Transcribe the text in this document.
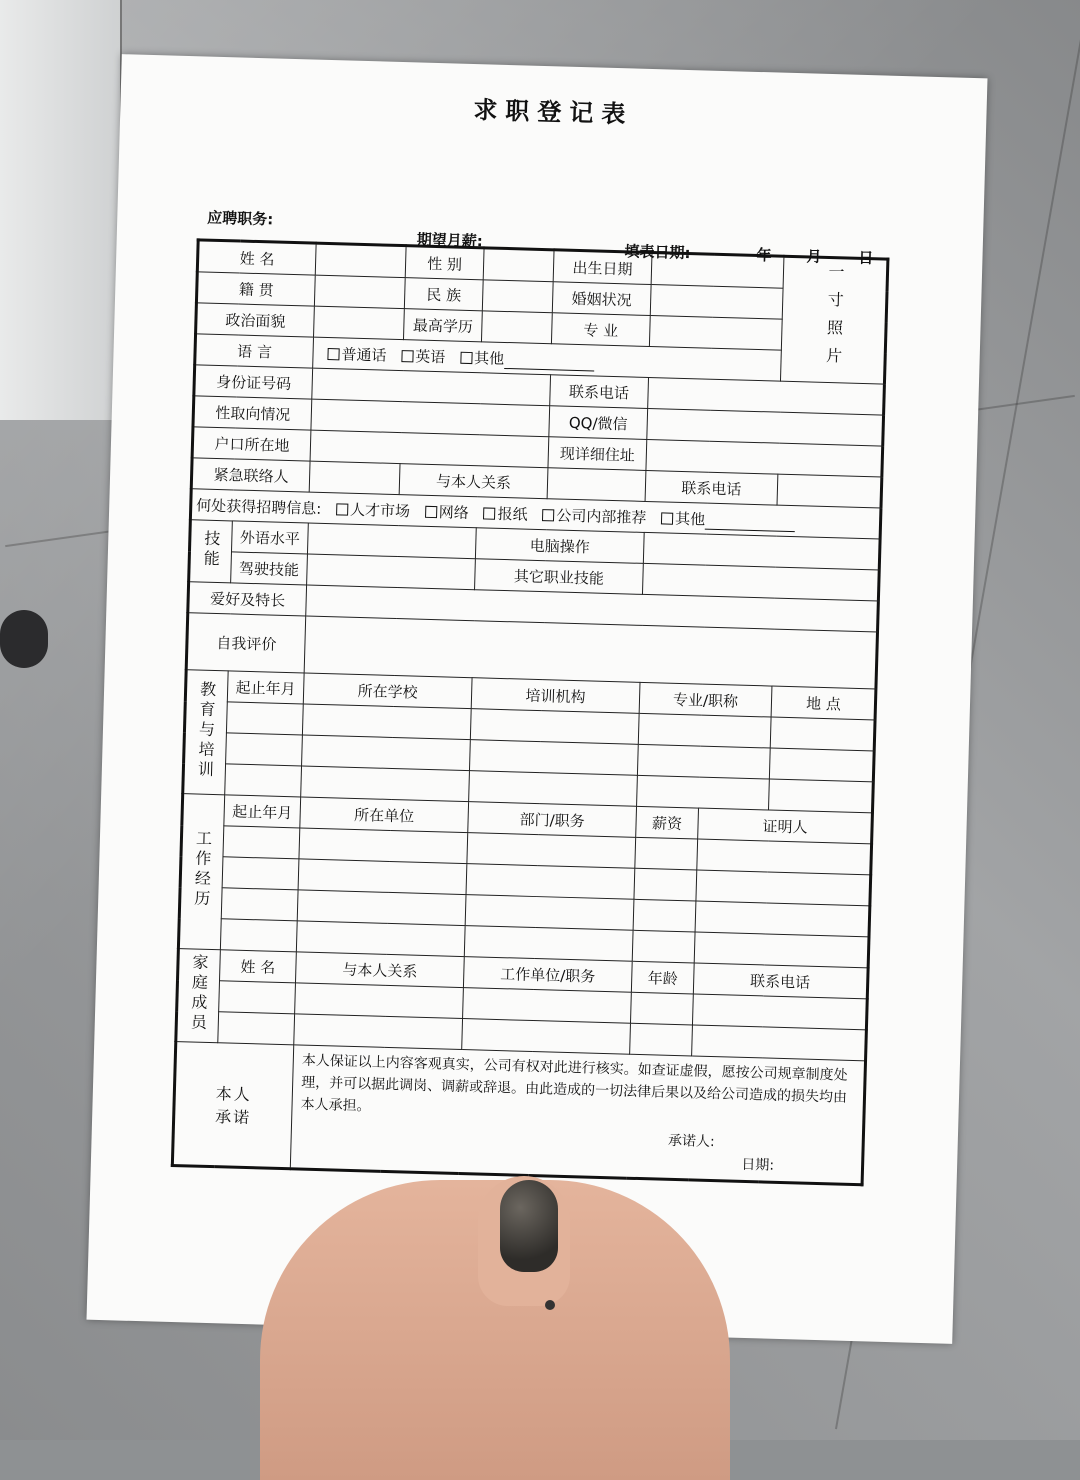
求职登记表
应聘职务:
期望月薪:
填表日期:	年 月 日
姓 名			性 别		出生日期			一寸照片	
籍 贯			民 族		婚姻状况				
政治面貌			最高学历		专 业				
语 言		普通话 英语 其他							
身份证号码					联系电话				
性取向情况					QQ/微信				
户口所在地					现详细住址				
紧急联络人			与本人关系			联系电话			
何处获得招聘信息: 人才市场 网络 报纸 公司内部推荐 其他									
技能	外语水平			电脑操作					
	驾驶技能			其它职业技能					
爱好及特长									
自我评价									
教育与培训	起止年月	所在学校		培训机构		专业/职称		地 点	

工作经历	起止年月	所在单位		部门/职务		薪资	证明人	

家庭成员	姓 名	与本人关系		工作单位/职务		年龄	联系电话		

本人承诺		本人保证以上内容客观真实，公司有权对此进行核实。如查证虚假，愿按公司规章制度处理，并可以据此调岗、调薪或辞退。由此造成的一切法律后果以及给公司造成的损失均由本人承担。
承诺人:
日期:							
